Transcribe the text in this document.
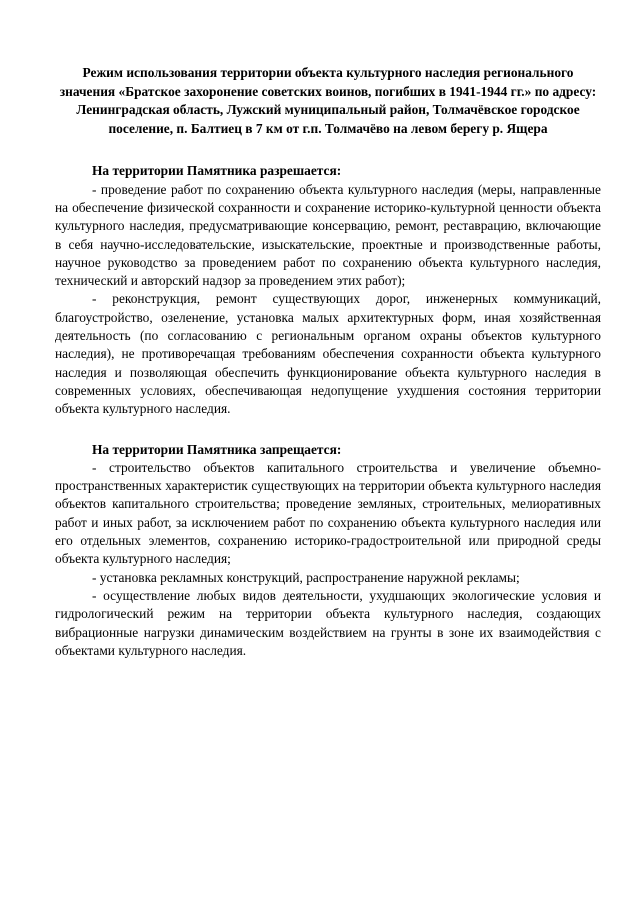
Режим использования территории объекта культурного наследия регионального значения «Братское захоронение советских воинов, погибших в 1941-1944 гг.» по адресу: Ленинградская область, Лужский муниципальный район, Толмачёвское городское поселение, п. Балтиец в 7 км от г.п. Толмачёво на левом берегу р. Ящера

На территории Памятника разрешается:

- проведение работ по сохранению объекта культурного наследия (меры, направленные на обеспечение физической сохранности и сохранение историко-культурной ценности объекта культурного наследия, предусматривающие консервацию, ремонт, реставрацию, включающие в себя научно-исследовательские, изыскательские, проектные и производственные работы, научное руководство за проведением работ по сохранению объекта культурного наследия, технический и авторский надзор за проведением этих работ);

- реконструкция, ремонт существующих дорог, инженерных коммуникаций, благоустройство, озеленение, установка малых архитектурных форм, иная хозяйственная деятельность (по согласованию с региональным органом охраны объектов культурного наследия), не противоречащая требованиям обеспечения сохранности объекта культурного наследия и позволяющая обеспечить функционирование объекта культурного наследия в современных условиях, обеспечивающая недопущение ухудшения состояния территории объекта культурного наследия.

На территории Памятника запрещается:

- строительство объектов капитального строительства и увеличение объемно-пространственных характеристик существующих на территории объекта культурного наследия объектов капитального строительства; проведение земляных, строительных, мелиоративных работ и иных работ, за исключением работ по сохранению объекта культурного наследия или его отдельных элементов, сохранению историко-градостроительной или природной среды объекта культурного наследия;

- установка рекламных конструкций, распространение наружной рекламы;

- осуществление любых видов деятельности, ухудшающих экологические условия и гидрологический режим на территории объекта культурного наследия, создающих вибрационные нагрузки динамическим воздействием на грунты в зоне их взаимодействия с объектами культурного наследия.
